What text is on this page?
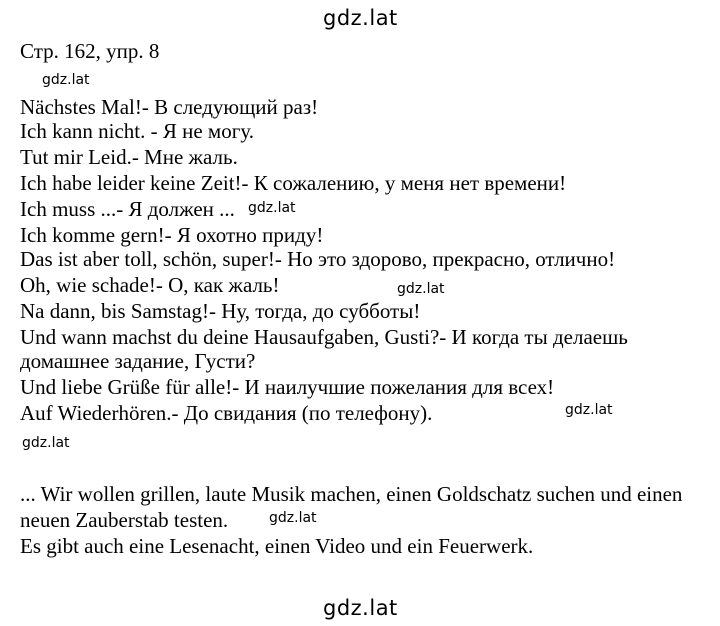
gdz.lat
gdz.lat
gdz.lat
gdz.lat
gdz.lat
gdz.lat
gdz.lat
gdz.lat
Стр. 162, упр. 8
Nächstes Mal!- В следующий раз!
Ich kann nicht. - Я не могу.
Tut mir Leid.- Мне жаль.
Ich habe leider keine Zeit!- К сожалению, у меня нет времени!
Ich muss ...- Я должен ...
Ich komme gern!- Я охотно приду!
Das ist aber toll, schön, super!- Но это здорово, прекрасно, отлично!
Oh, wie schade!- О, как жаль!
Na dann, bis Samstag!- Ну, тогда, до субботы!
Und wann machst du deine Hausaufgaben, Gusti?- И когда ты делаешь
домашнее задание, Густи?
Und liebe Grüße für alle!- И наилучшие пожелания для всех!
Auf Wiederhören.- До свидания (по телефону).
... Wir wollen grillen, laute Musik machen, einen Goldschatz suchen und einen
neuen Zauberstab testen.
Es gibt auch eine Lesenacht, einen Video und ein Feuerwerk.
